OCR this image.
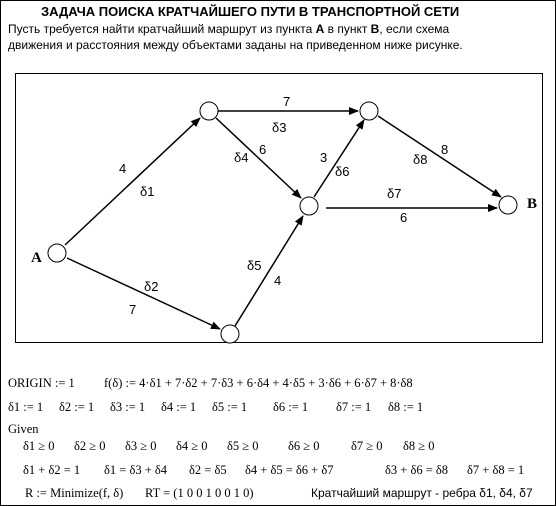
ЗАДАЧА ПОИСКА КРАТЧАЙШЕГО ПУТИ В ТРАНСПОРТНОЙ СЕТИ
Пусть требуется найти кратчайший маршрут из пункта A в пункт B, если схема
движения и расстояния между объектами заданы на приведенном ниже рисунке.
A
B
4
7
7
6
4
3
6
8
δ1
δ2
δ3
δ4
δ5
δ6
δ7
δ8
ORIGIN := 1 f(δ) := 4·δ1 + 7·δ2 + 7·δ3 + 6·δ4 + 4·δ5 + 3·δ6 + 6·δ7 + 8·δ8
δ1 := 1 δ2 := 1 δ3 := 1 δ4 := 1 δ5 := 1 δ6 := 1 δ7 := 1 δ8 := 1
Given
δ1 ≥ 0 δ2 ≥ 0 δ3 ≥ 0 δ4 ≥ 0 δ5 ≥ 0 δ6 ≥ 0	δ7 ≥ 0 δ8 ≥ 0
δ1 + δ2 = 1 δ1 = δ3 + δ4 δ2 = δ5 δ4 + δ5 = δ6 + δ7	δ3 + δ6 = δ8 δ7 + δ8 = 1
R := Minimize(f, δ) RT = (1 0 0 1 0 0 1 0)	Кратчайший маршрут - ребра δ1, δ4, δ7
